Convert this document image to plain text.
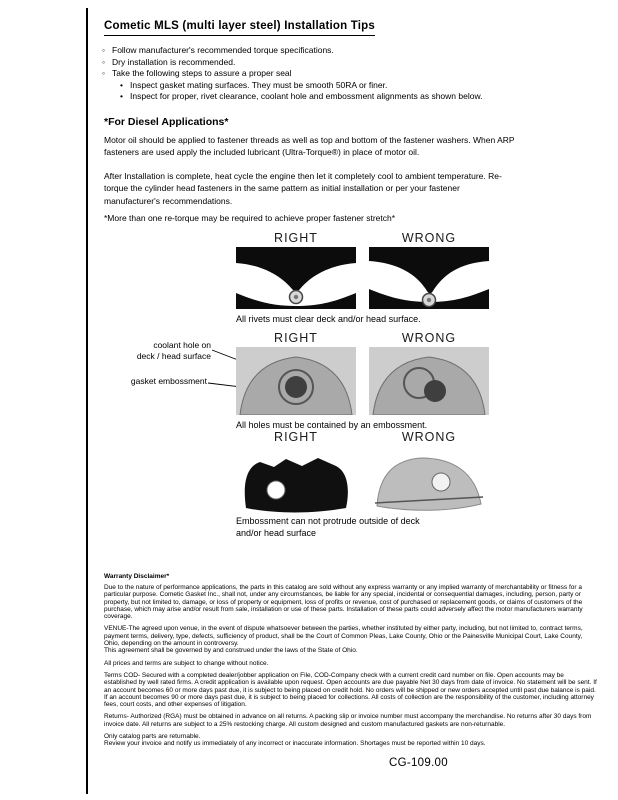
Cometic MLS (multi layer steel) Installation Tips
◦ Follow manufacturer's recommended torque specifications.
◦ Dry installation is recommended.
◦ Take the following steps to assure a proper seal
• Inspect gasket mating surfaces. They must be smooth 50RA or finer.
• Inspect for proper, rivet clearance, coolant hole and embossment alignments as shown below.
*For Diesel Applications*

Motor oil should be applied to fastener threads as well as top and bottom of the fastener washers. When ARP fasteners are used apply the included lubricant (Ultra-Torque®) in place of motor oil.

After Installation is complete, heat cycle the engine then let it completely cool to ambient temperature. Re-torque the cylinder head fasteners in the same pattern as initial installation or per your fastener manufacturer's recommendations.

*More than one re-torque may be required to achieve proper fastener stretch*

RIGHT	WRONG
All rivets must clear deck and/or head surface.
RIGHT	WRONG
coolant hole on
deck / head surface
gasket embossment
All holes must be contained by an embossment.
RIGHT	WRONG
Embossment can not protrude outside of deck and/or head surface
Warranty Disclaimer*

Due to the nature of performance applications, the parts in this catalog are sold without any express warranty or any implied warranty of merchantability or fitness for a particular purpose. Cometic Gasket Inc., shall not, under any circumstances, be liable for any special, incidental or consequential damages, including, person, party or property, but not limited to, damage, or loss of property or equipment, loss of profits or revenue, cost of purchased or replacement goods, or claims of customers of the purchase, which may arise and/or result from sale, installation or use of these parts. Installation of these parts could adversely affect the motor manufacturers warranty coverage.

VENUE-The agreed upon venue, in the event of dispute whatsoever between the parties, whether instituted by either party, including, but not limited to, contract terms, payment terms, delivery, type, defects, sufficiency of product, shall be the Court of Common Pleas, Lake County, Ohio or the Painesville Municipal Court, Lake County, Ohio, depending on the amount in controversy.

This agreement shall be governed by and construed under the laws of the State of Ohio.

All prices and terms are subject to change without notice.

Terms COD- Secured with a completed dealer/jobber application on File, COD-Company check with a current credit card number on file. Open accounts may be established by well rated firms. A credit application is available upon request. Open accounts are due payable Net 30 days from date of invoice. No statement will be sent. If an account becomes 60 or more days past due, it is subject to being placed on credit hold. No orders will be shipped or new orders accepted until past due balance is paid. If an account becomes 90 or more days past due, it is subject to being placed for collections. All costs of collection are the responsibility of the customer, including attorney fees, court costs, and other expenses of litigation.

Returns- Authorized (RGA) must be obtained in advance on all returns. A packing slip or invoice number must accompany the merchandise. No returns after 30 days from invoice date. All returns are subject to a 25% restocking charge. All custom designed and custom manufactured gaskets are non-returnable.

Only catalog parts are returnable.

Review your invoice and notify us immediately of any incorrect or inaccurate information. Shortages must be reported within 10 days.

CG-109.00
